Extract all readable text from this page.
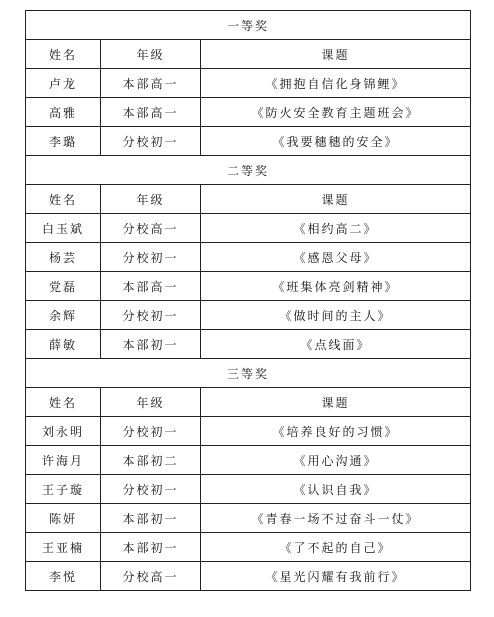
一等奖		
姓名	年级	课题
卢龙	本部高一	《拥抱自信化身锦鲤》
高雅	本部高一	《防火安全教育主题班会》
李璐	分校初一	《我要穗穗的安全》
二等奖		
姓名	年级	课题
白玉斌	分校高一	《相约高二》
杨芸	分校初一	《感恩父母》
党磊	本部高一	《班集体亮剑精神》
余辉	分校初一	《做时间的主人》
薛敏	本部初一	《点线面》
三等奖		
姓名	年级	课题
刘永明	分校初一	《培养良好的习惯》
许海月	本部初二	《用心沟通》
王子璇	分校初一	《认识自我》
陈妍	本部初一	《青春一场不过奋斗一仗》
王亚楠	本部初一	《了不起的自己》
李悦	分校高一	《星光闪耀有我前行》
